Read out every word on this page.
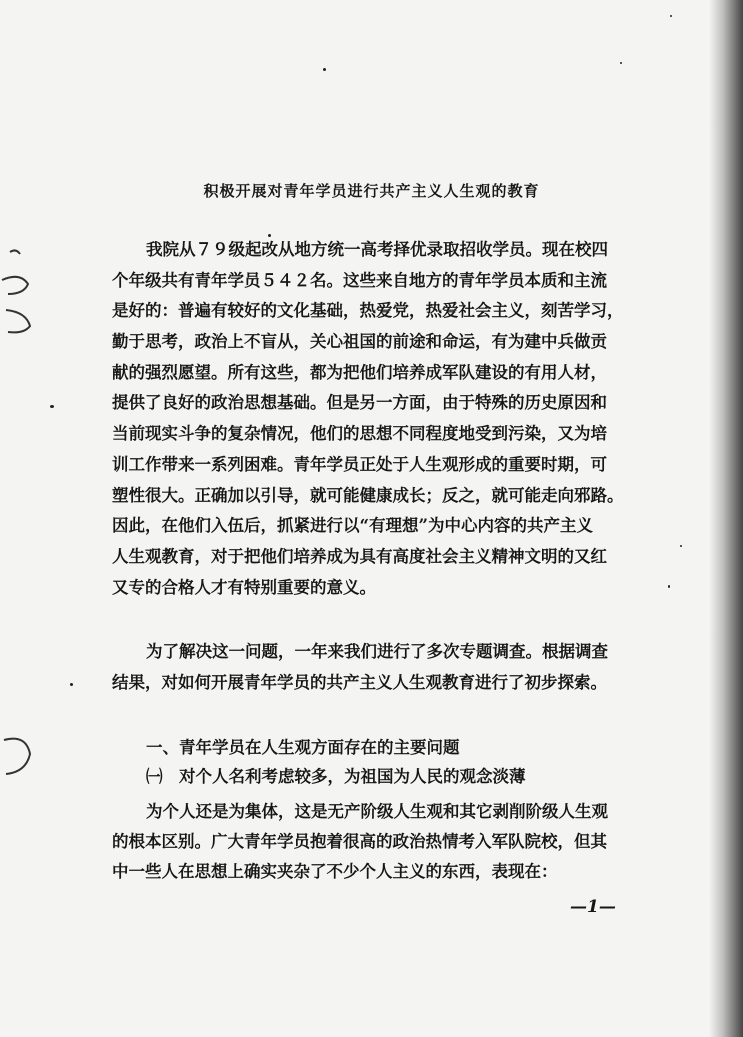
积极开展对青年学员进行共产主义人生观的教育

我院从７９级起改从地方统一高考择优录取招收学员。现在校四
个年级共有青年学员５４２名。这些来自地方的青年学员本质和主流
是好的：普遍有较好的文化基础，热爱党，热爱社会主义，刻苦学习，
勤于思考，政治上不盲从，关心祖国的前途和命运，有为建中兵做贡
献的强烈愿望。所有这些，都为把他们培养成军队建设的有用人材，
提供了良好的政治思想基础。但是另一方面，由于特殊的历史原因和
当前现实斗争的复杂情况，他们的思想不同程度地受到污染，又为培
训工作带来一系列困难。青年学员正处于人生观形成的重要时期，可
塑性很大。正确加以引导，就可能健康成长；反之，就可能走向邪路。
因此，在他们入伍后，抓紧进行以“有理想”为中心内容的共产主义
人生观教育，对于把他们培养成为具有高度社会主义精神文明的又红
又专的合格人才有特别重要的意义。

为了解决这一问题，一年来我们进行了多次专题调查。根据调查
结果，对如何开展青年学员的共产主义人生观教育进行了初步探索。

一、青年学员在人生观方面存在的主要问题
㈠　对个人名利考虑较多，为祖国为人民的观念淡薄

为个人还是为集体，这是无产阶级人生观和其它剥削阶级人生观
的根本区别。广大青年学员抱着很高的政治热情考入军队院校，但其
中一些人在思想上确实夹杂了不少个人主义的东西，表现在：

—1—
